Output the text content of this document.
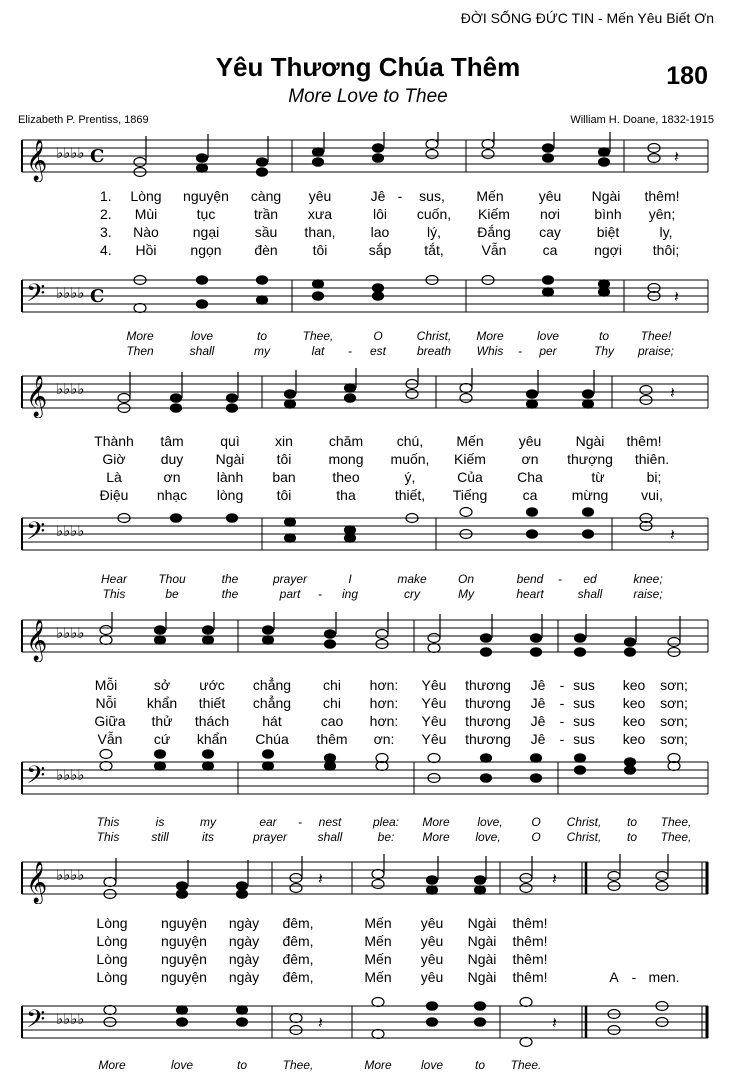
ĐỜI SỐNG ĐỨC TIN - Mến Yêu Biết Ơn
Yêu Thương Chúa Thêm
More Love to Thee
180
Elizabeth P. Prentiss, 1869	William H. Doane, 1832-1915
𝄞 ♭♭♭♭ C	𝄽
1.
2.
3.
4.
Lòng nguyện càng yêu	Jê - sus, Mến	yêu Ngài thêm!
Mùi	tục	trần xưa	lôi cuốn, Kiếm nơi bình yên;
Nào ngại	sầu than,	lao	lý,	Đắng cay	biệt	ly,
Hồi ngọn đèn tôi	sắp tắt,	Vẫn	ca	ngợi thôi;
𝄢 ♭♭♭♭ C	𝄽
More	love	to	Thee,	O	Christ, More	love	to	Thee!
Then	shall	my	lat - est	breath Whis - per	Thy praise;
𝄞 ♭♭♭♭	𝄽
Thành tâm	quì	xin	chăm chú, Mến	yêu Ngài thêm!
Giờ	duy Ngài tôi	mong muốn, Kiếm	ơn thượng thiên.
Là	ơn	lành ban	theo	ý,	Của Cha	từ	bi;
Điệu nhạc lòng tôi	tha	thiết, Tiếng	ca mừng vui,
𝄢 ♭♭♭♭	𝄽
Hear	Thou	the	prayer	I	make	On	bend - ed	knee;
This	be	the	part - ing	cry	My	heart	shall	raise;
𝄞 ♭♭♭♭
Mỗi	sở ước chẳng chi hơn: Yêu thương Jê - sus keo sơn;
Nỗi khẩn thiết chẳng chi hơn: Yêu thương Jê - sus keo sơn;
Giữa thử thách hát	cao hơn: Yêu thương Jê - sus keo sơn;
Vẫn cứ khẩn Chúa thêm ơn: Yêu thương Jê - sus keo sơn;
𝄢 ♭♭♭♭
This	is	my	ear - nest	plea: More love, O Christ, to Thee,
This	still	its	prayer	shall	be: More love,	O Christ, to Thee,
𝄞 ♭♭♭♭	𝄽	𝄽
Lòng nguyện ngày đêm,	Mến yêu Ngài thêm!
Lòng nguyện ngày đêm,	Mến yêu Ngài thêm!
Lòng nguyện ngày đêm,	Mến yêu Ngài thêm!
Lòng nguyện ngày đêm,	Mến yêu Ngài thêm!	A - men.
𝄢 ♭♭♭♭	𝄽	𝄽
More	love	to	Thee,	More love	to Thee.
